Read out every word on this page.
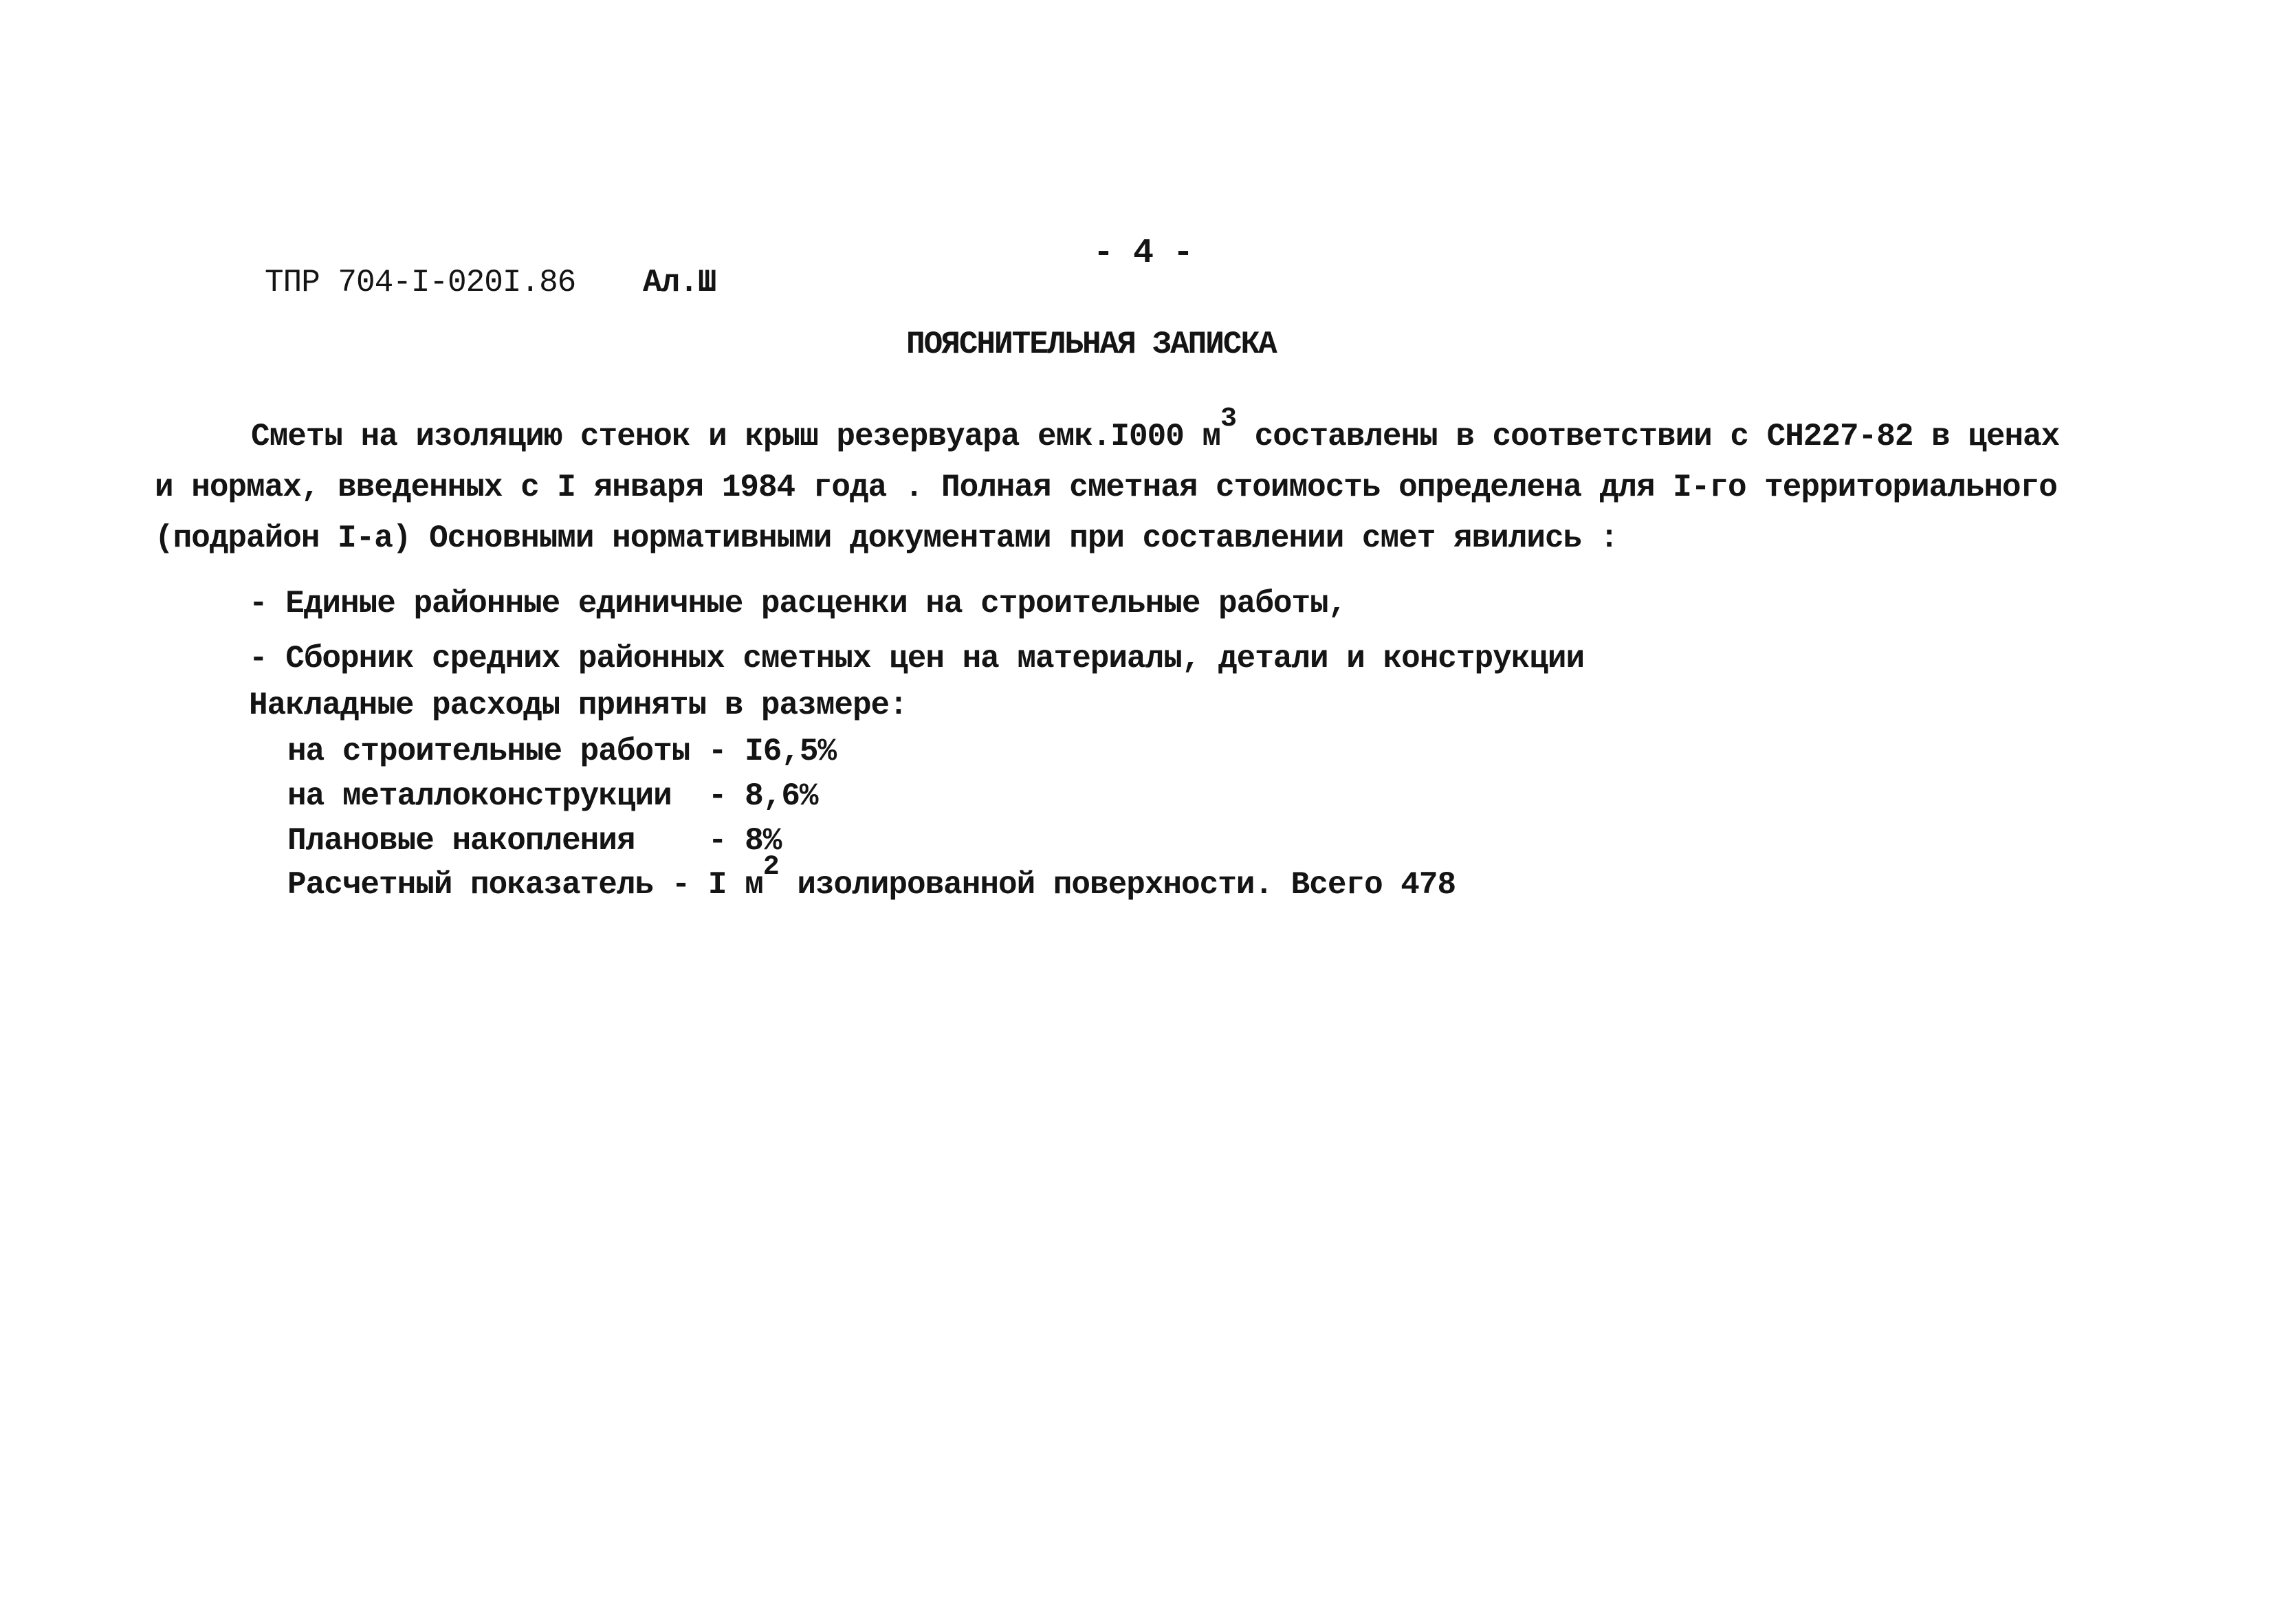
ТПР 704-I-020I.86 Ал.Ш
- 4 -
ПОЯСНИТЕЛЬНАЯ ЗАПИСКА
Сметы на изоляцию стенок и крыш резервуара емк.I000 $м^3$ составлены в соответствии с СН227-82 в ценах
и нормах, введенных с I января 1984 года . Полная сметная стоимость определена для I-го территориального
(подрайон I-а) Основными нормативными документами при составлении смет явились :
- Единые районные единичные расценки на строительные работы,
- Сборник средних районных сметных цен на материалы, детали и конструкции
Накладные расходы приняты в размере:
на строительные работы - I6,5%
на металлоконструкции  - 8,6%
Плановые накопления    - 8%
Расчетный показатель - I $м^2$ изолированной поверхности. Всего 478
